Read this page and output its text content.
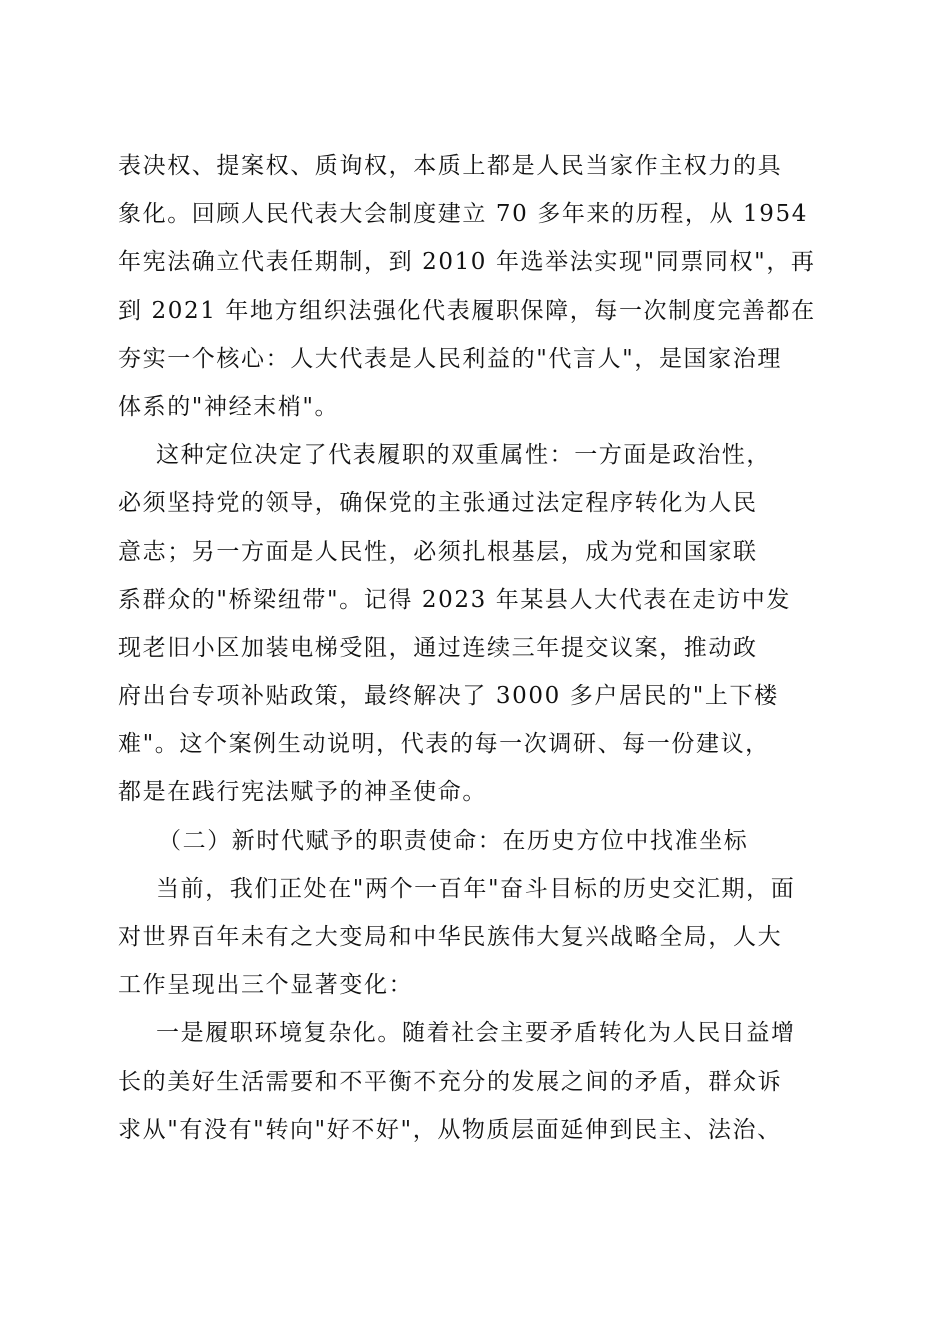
表决权、提案权、质询权，本质上都是人民当家作主权力的具
象化。回顾人民代表大会制度建立 70 多年来的历程，从 1954
年宪法确立代表任期制，到 2010 年选举法实现"同票同权"，再
到 2021 年地方组织法强化代表履职保障，每一次制度完善都在
夯实一个核心：人大代表是人民利益的"代言人"，是国家治理
体系的"神经末梢"。
这种定位决定了代表履职的双重属性：一方面是政治性，
必须坚持党的领导，确保党的主张通过法定程序转化为人民
意志；另一方面是人民性，必须扎根基层，成为党和国家联
系群众的"桥梁纽带"。记得 2023 年某县人大代表在走访中发
现老旧小区加装电梯受阻，通过连续三年提交议案，推动政
府出台专项补贴政策，最终解决了 3000 多户居民的"上下楼
难"。这个案例生动说明，代表的每一次调研、每一份建议，
都是在践行宪法赋予的神圣使命。
（二）新时代赋予的职责使命：在历史方位中找准坐标
当前，我们正处在"两个一百年"奋斗目标的历史交汇期，面
对世界百年未有之大变局和中华民族伟大复兴战略全局，人大
工作呈现出三个显著变化：
一是履职环境复杂化。随着社会主要矛盾转化为人民日益增
长的美好生活需要和不平衡不充分的发展之间的矛盾，群众诉
求从"有没有"转向"好不好"，从物质层面延伸到民主、法治、
